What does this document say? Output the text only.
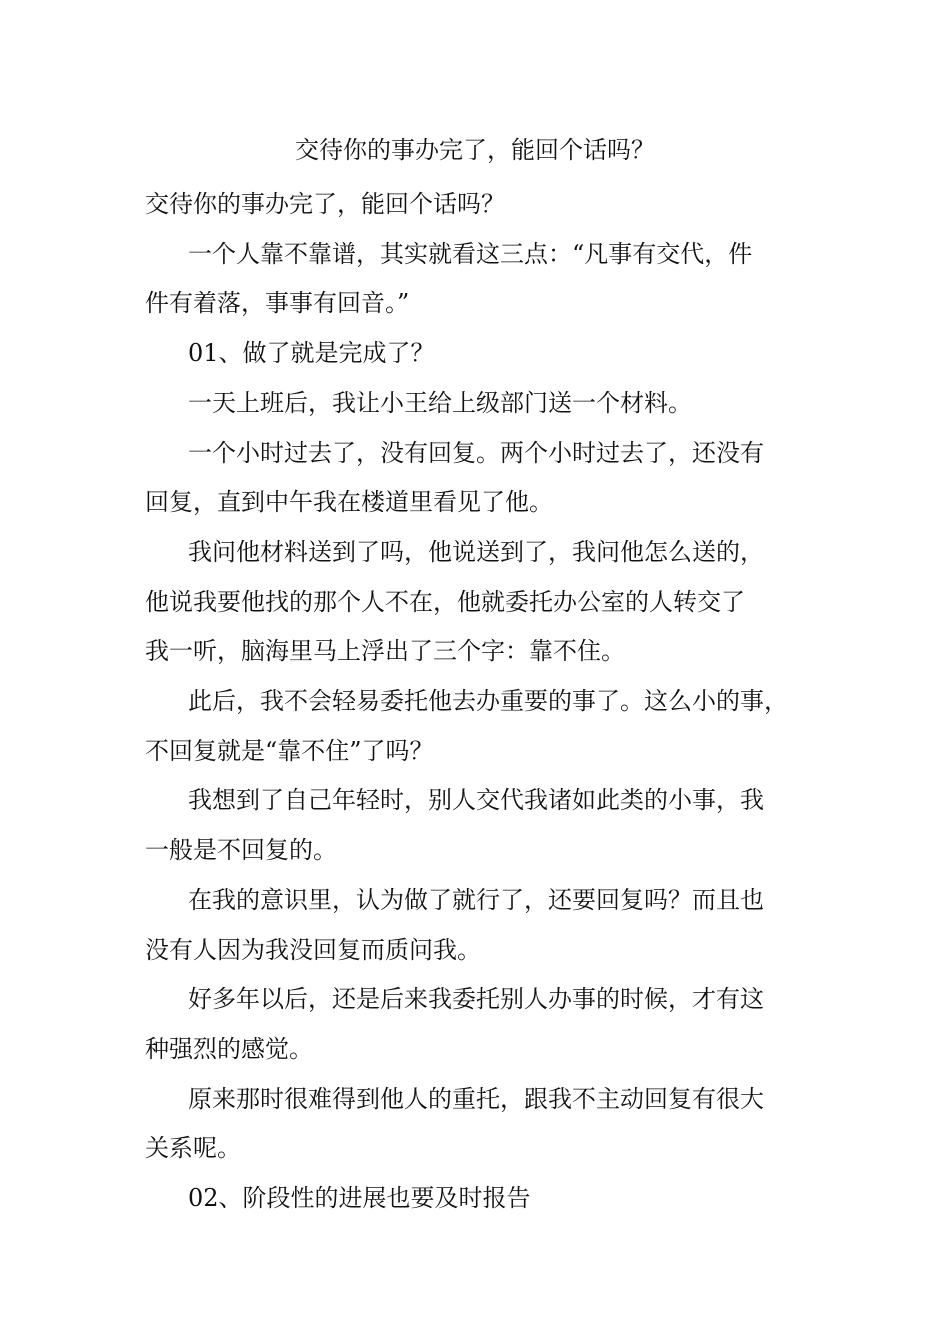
交待你的事办完了，能回个话吗？
交待你的事办完了，能回个话吗？
一个人靠不靠谱，其实就看这三点：“凡事有交代，件
件有着落，事事有回音。”
01、做了就是完成了？
一天上班后，我让小王给上级部门送一个材料。
一个小时过去了，没有回复。两个小时过去了，还没有
回复，直到中午我在楼道里看见了他。
我问他材料送到了吗，他说送到了，我问他怎么送的，
他说我要他找的那个人不在，他就委托办公室的人转交了
我一听，脑海里马上浮出了三个字：靠不住。
此后，我不会轻易委托他去办重要的事了。这么小的事，
不回复就是“靠不住”了吗？
我想到了自己年轻时，别人交代我诸如此类的小事，我
一般是不回复的。
在我的意识里，认为做了就行了，还要回复吗？而且也
没有人因为我没回复而质问我。
好多年以后，还是后来我委托别人办事的时候，才有这
种强烈的感觉。
原来那时很难得到他人的重托，跟我不主动回复有很大
关系呢。
02、阶段性的进展也要及时报告
